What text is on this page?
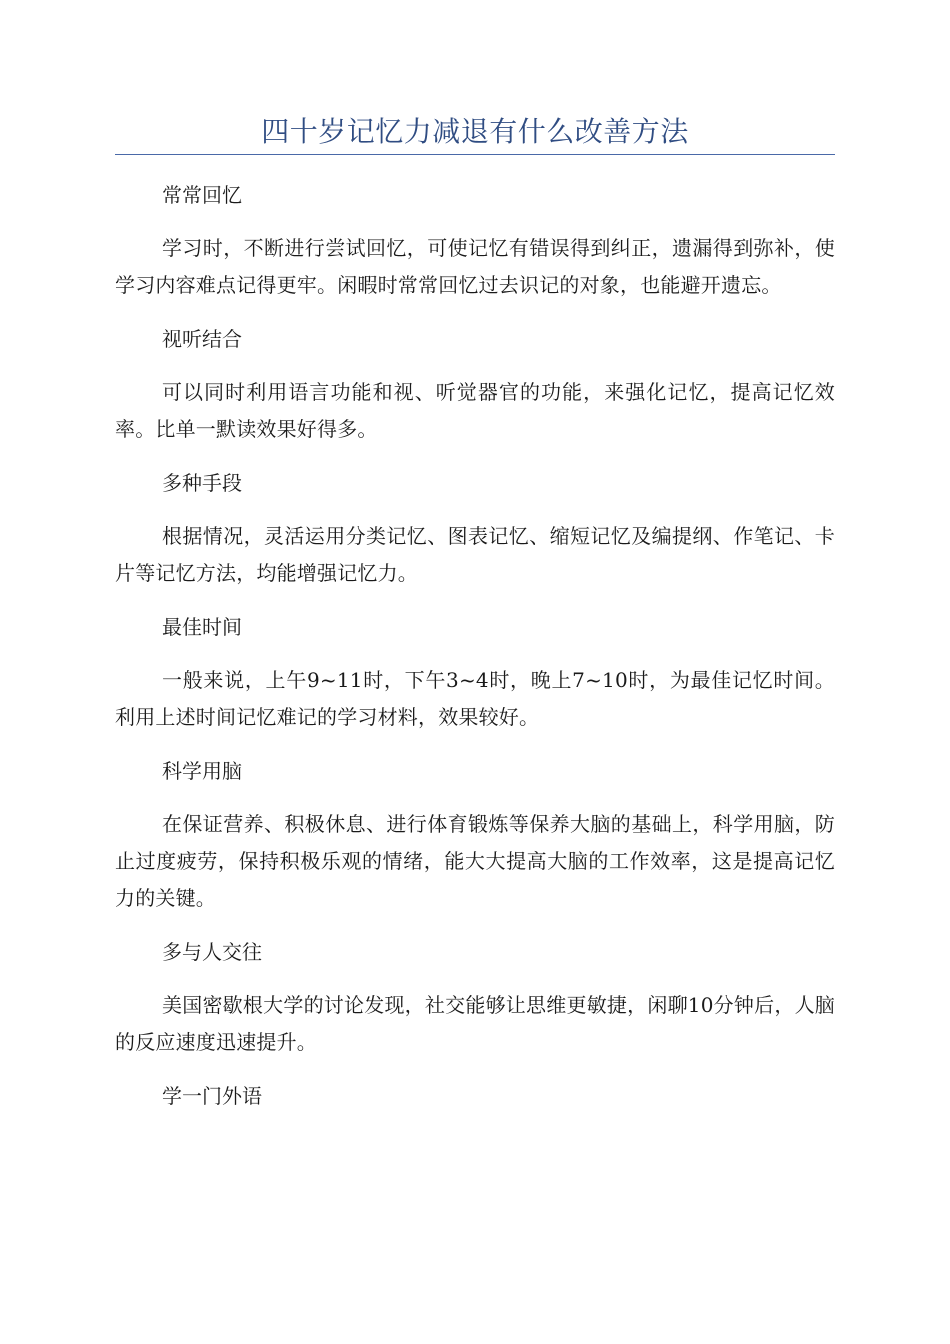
四十岁记忆力减退有什么改善方法

常常回忆

学习时，不断进行尝试回忆，可使记忆有错误得到纠正，遗漏得到弥补，使学习内容难点记得更牢。闲暇时常常回忆过去识记的对象，也能避开遗忘。

视听结合

可以同时利用语言功能和视、听觉器官的功能，来强化记忆，提高记忆效率。比单一默读效果好得多。

多种手段

根据情况，灵活运用分类记忆、图表记忆、缩短记忆及编提纲、作笔记、卡片等记忆方法，均能增强记忆力。

最佳时间

一般来说，上午9~11时，下午3~4时，晚上7~10时，为最佳记忆时间。利用上述时间记忆难记的学习材料，效果较好。

科学用脑

在保证营养、积极休息、进行体育锻炼等保养大脑的基础上，科学用脑，防止过度疲劳，保持积极乐观的情绪，能大大提高大脑的工作效率，这是提高记忆力的关键。

多与人交往

美国密歇根大学的讨论发现，社交能够让思维更敏捷，闲聊10分钟后，人脑的反应速度迅速提升。

学一门外语
